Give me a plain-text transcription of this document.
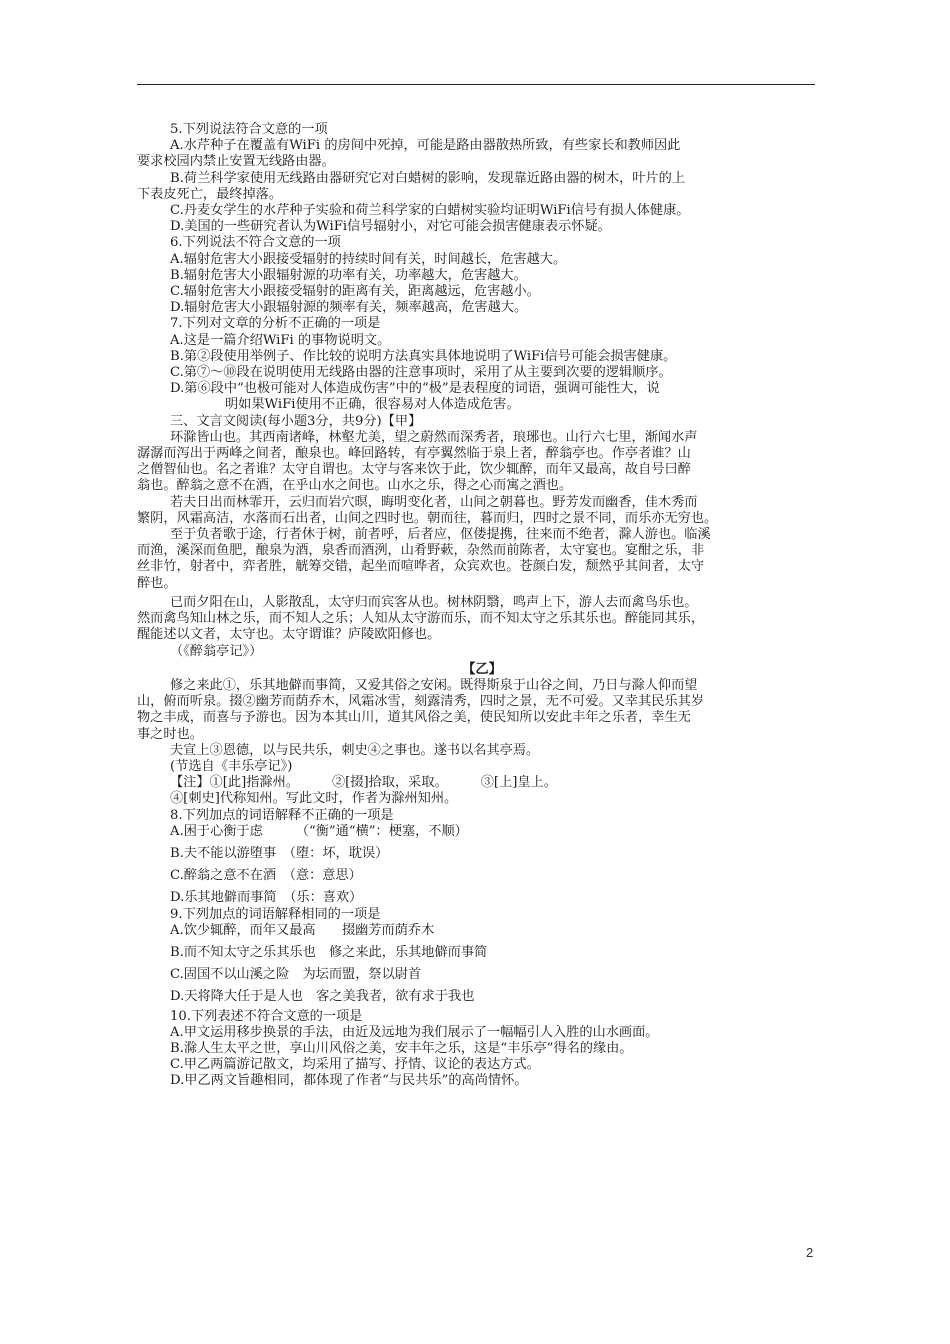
5.下列说法符合文意的一项
A.水芹种子在覆盖有WiFi 的房间中死掉，可能是路由器散热所致，有些家长和教师因此
要求校园内禁止安置无线路由器。
B.荷兰科学家使用无线路由器研究它对白蜡树的影响，发现靠近路由器的树木，叶片的上
下表皮死亡，最终掉落。
C.丹麦女学生的水芹种子实验和荷兰科学家的白蜡树实验均证明WiFi信号有损人体健康。
D.美国的一些研究者认为WiFi信号辐射小，对它可能会损害健康表示怀疑。
6.下列说法不符合文意的一项
A.辐射危害大小跟接受辐射的持续时间有关，时间越长，危害越大。
B.辐射危害大小跟辐射源的功率有关，功率越大，危害越大。
C.辐射危害大小跟接受辐射的距离有关，距离越远，危害越小。
D.辐射危害大小跟辐射源的频率有关，频率越高，危害越大。
7.下列对文章的分析不正确的一项是
A.这是一篇介绍WiFi 的事物说明文。
B.第②段使用举例子、作比较的说明方法真实具体地说明了WiFi信号可能会损害健康。
C.第⑦～⑩段在说明使用无线路由器的注意事项时，采用了从主要到次要的逻辑顺序。
D.第⑥段中“也极可能对人体造成伤害”中的“极”是表程度的词语，强调可能性大，说
明如果WiFi使用不正确，很容易对人体造成危害。
三、文言文阅读(每小题3分，共9分)【甲】
环滁皆山也。其西南诸峰，林壑尤美，望之蔚然而深秀者，琅琊也。山行六七里，渐闻水声
潺潺而泻出于两峰之间者，酿泉也。峰回路转，有亭翼然临于泉上者，醉翁亭也。作亭者谁？山
之僧智仙也。名之者谁？太守自谓也。太守与客来饮于此，饮少辄醉，而年又最高，故自号曰醉
翁也。醉翁之意不在酒，在乎山水之间也。山水之乐，得之心而寓之酒也。
若夫日出而林霏开，云归而岩穴暝，晦明变化者，山间之朝暮也。野芳发而幽香，佳木秀而
繁阴，风霜高洁，水落而石出者，山间之四时也。朝而往，暮而归，四时之景不同，而乐亦无穷也。
至于负者歌于途，行者休于树，前者呼，后者应，伛偻提携，往来而不绝者，滁人游也。临溪
而渔，溪深而鱼肥，酿泉为酒，泉香而酒洌，山肴野蔌，杂然而前陈者，太守宴也。宴酣之乐，非
丝非竹，射者中，弈者胜，觥筹交错，起坐而喧哗者，众宾欢也。苍颜白发，颓然乎其间者，太守
醉也。
已而夕阳在山，人影散乱，太守归而宾客从也。树林阴翳，鸣声上下，游人去而禽鸟乐也。
然而禽鸟知山林之乐，而不知人之乐；人知从太守游而乐，而不知太守之乐其乐也。醉能同其乐，
醒能述以文者，太守也。太守谓谁？庐陵欧阳修也。
（《醉翁亭记》）
【乙】
修之来此①，乐其地僻而事简，又爱其俗之安闲。既得斯泉于山谷之间，乃日与滁人仰而望
山，俯而听泉。掇②幽芳而荫乔木，风霜冰雪，刻露清秀，四时之景，无不可爱。又幸其民乐其岁
物之丰成，而喜与予游也。因为本其山川，道其风俗之美，使民知所以安此丰年之乐者，幸生无
事之时也。
夫宣上③恩德，以与民共乐，刺史④之事也。遂书以名其亭焉。
(节选自《丰乐亭记》)
【注】①[此]指滁州。　　　②[掇]拾取，采取。　　　③[上]皇上。
④[刺史]代称知州。写此文时，作者为滁州知州。
8.下列加点的词语解释不正确的一项是
A.困于心衡于虑　　　（“衡”通“横”：梗塞，不顺）
B.夫不能以游堕事　（堕：坏，耽误）
C.醉翁之意不在酒　（意：意思）
D.乐其地僻而事简　（乐：喜欢）
9.下列加点的词语解释相同的一项是
A.饮少辄醉，而年又最高　　掇幽芳而荫乔木
B.而不知太守之乐其乐也　修之来此，乐其地僻而事简
C.固国不以山溪之险　为坛而盟，祭以尉首
D.天将降大任于是人也　客之美我者，欲有求于我也
10.下列表述不符合文意的一项是
A.甲文运用移步换景的手法，由近及远地为我们展示了一幅幅引人入胜的山水画面。
B.滁人生太平之世，享山川风俗之美，安丰年之乐，这是“丰乐亭”得名的缘由。
C.甲乙两篇游记散文，均采用了描写、抒情、议论的表达方式。
D.甲乙两文旨趣相同，都体现了作者“与民共乐”的高尚情怀。
2
